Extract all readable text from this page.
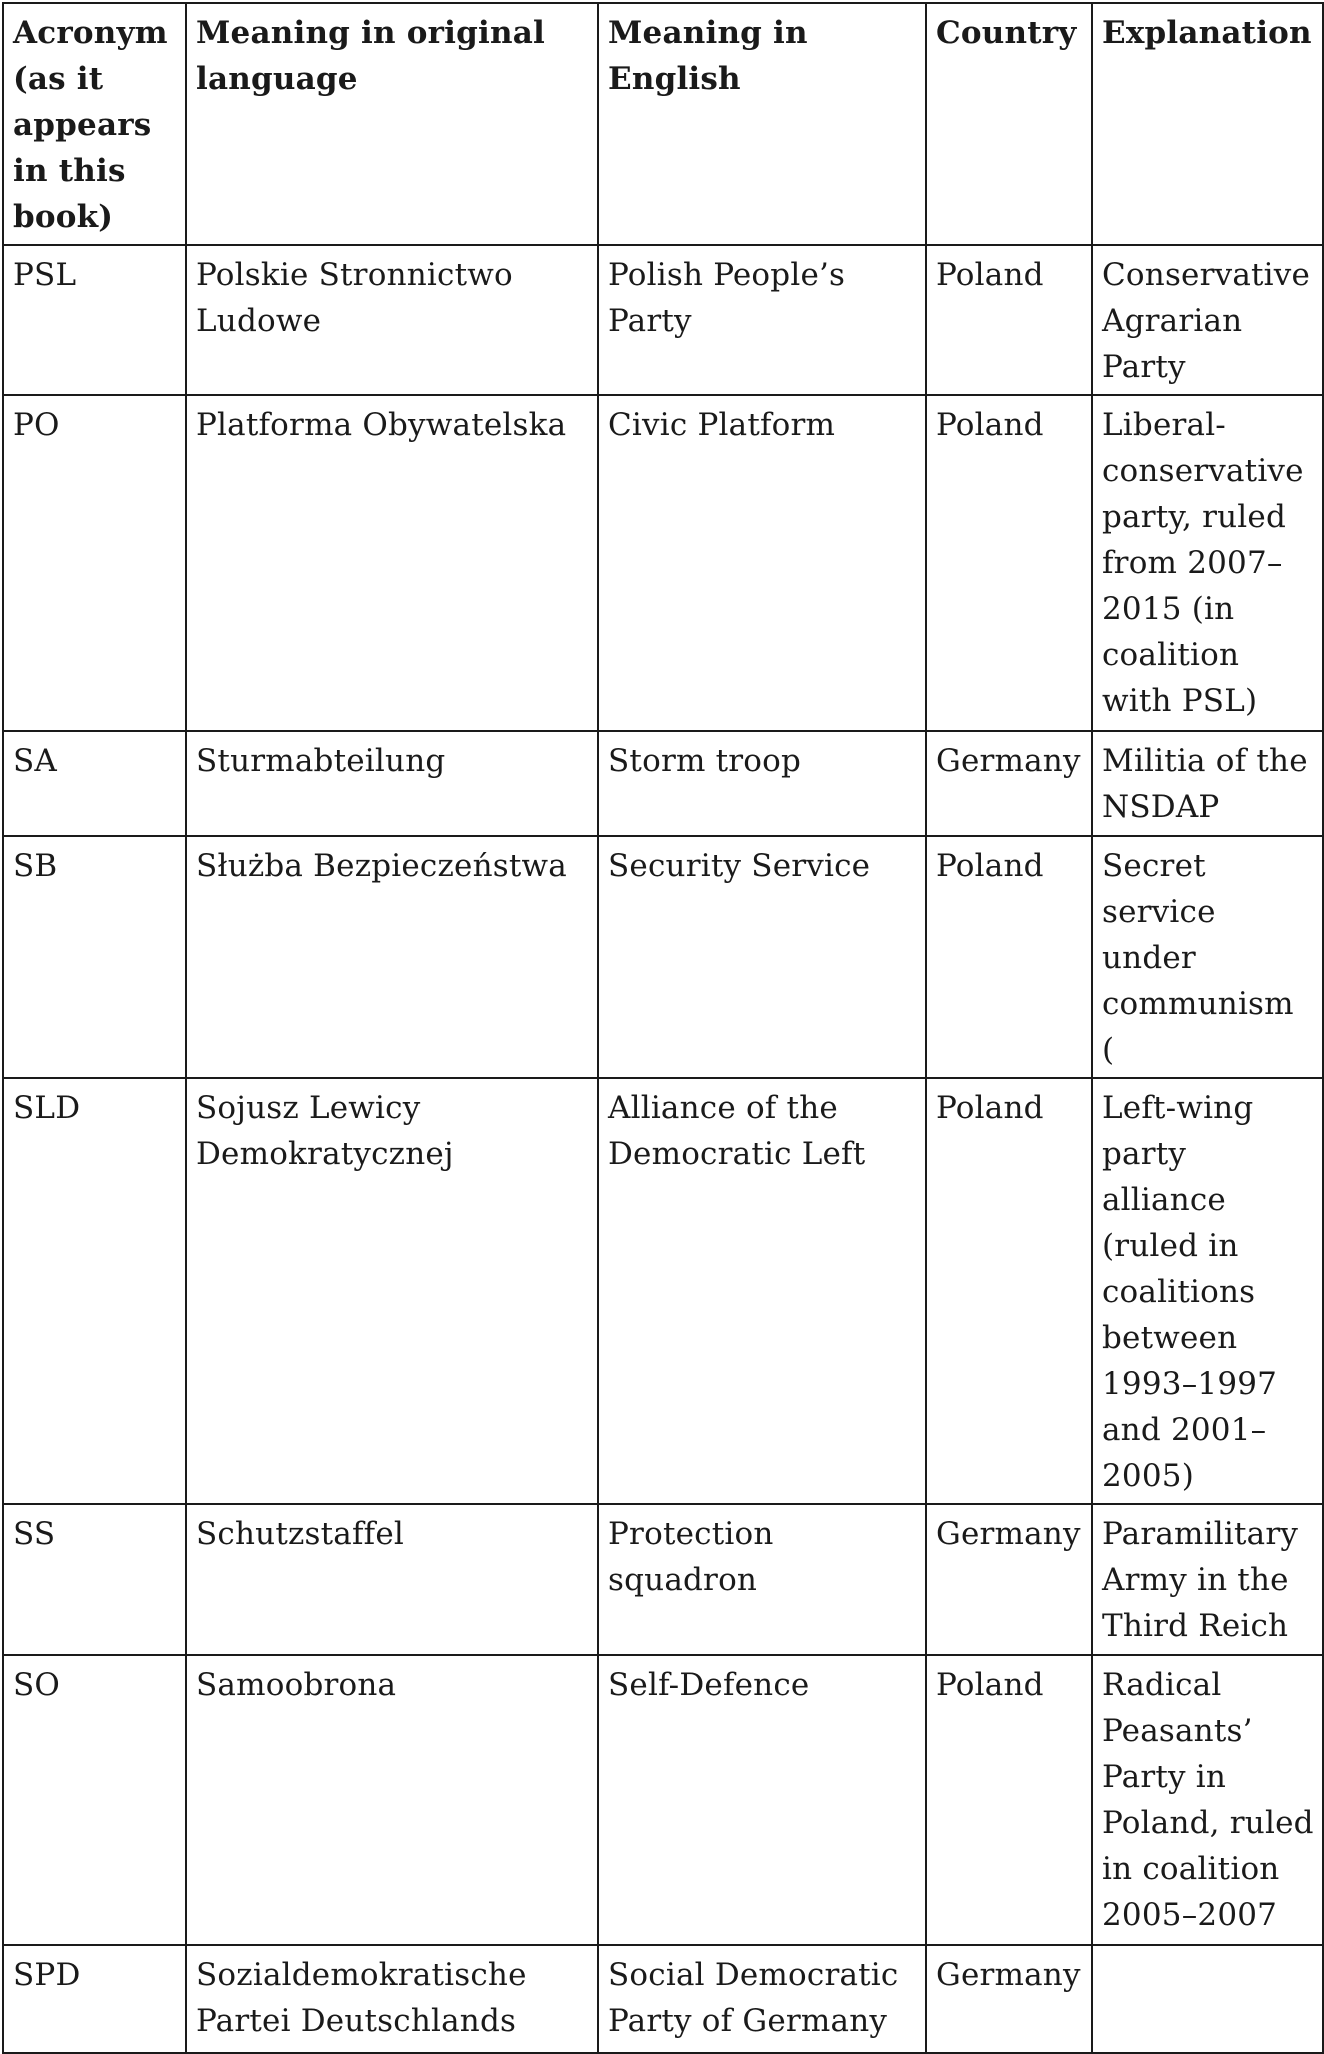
Acronym (as it appears in this book)	Meaning in original language	Meaning in English	Country	Explanation
PSL	Polskie Stronnictwo Ludowe	Polish People’s Party	Poland	Conservative Agrarian Party
PO	Platforma Obywatelska	Civic Platform	Poland	Liberal-conservative party, ruled from 2007–2015 (in coalition with PSL)
SA	Sturmabteilung	Storm troop	Germany	Militia of the NSDAP
SB	Służba Bezpieczeństwa	Security Service	Poland	Secret service under communism (
SLD	Sojusz Lewicy Demokratycznej	Alliance of the Democratic Left	Poland	Left-wing party alliance (ruled in coalitions between 1993–1997 and 2001–2005)
SS	Schutzstaffel	Protection squadron	Germany	Paramilitary Army in the Third Reich
SO	Samoobrona	Self-Defence	Poland	Radical Peasants’ Party in Poland, ruled in coalition 2005–2007
SPD	Sozialdemokratische Partei Deutschlands	Social Democratic Party of Germany	Germany	
